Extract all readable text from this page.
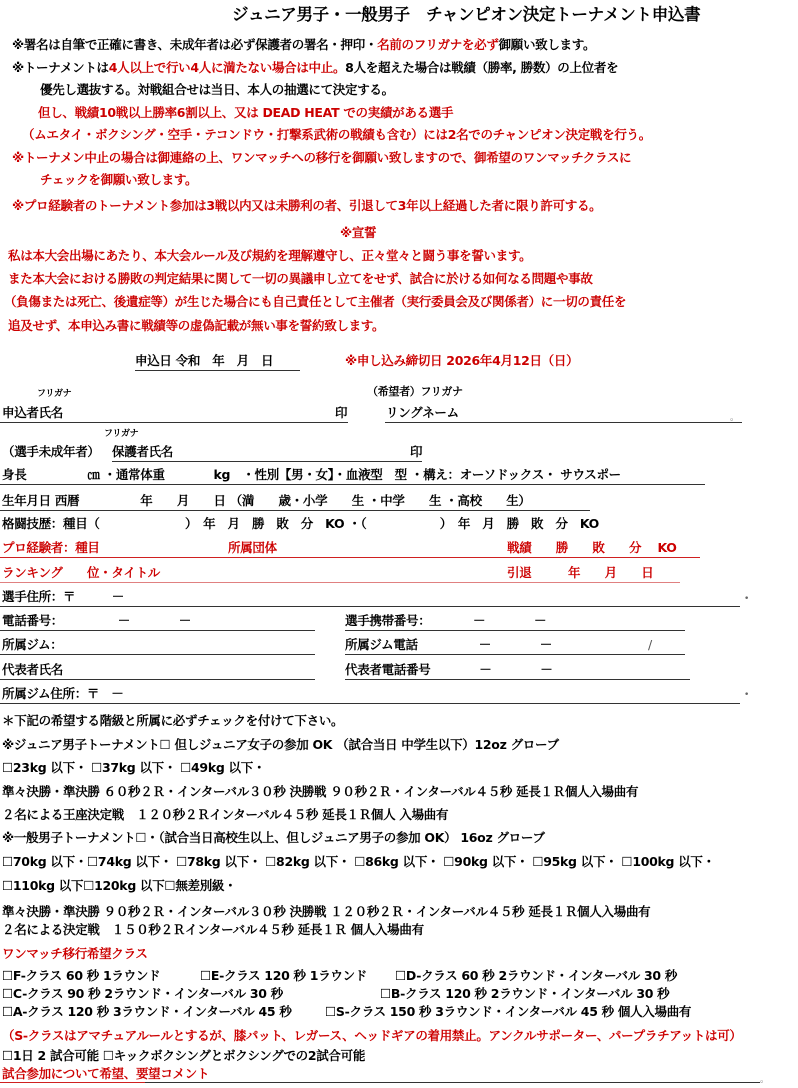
ジュニア男子・一般男子　チャンピオン決定トーナメント申込書
※署名は自筆で正確に書き、未成年者は必ず保護者の署名・押印・名前のフリガナを必ず御願い致します。
※トーナメントは4人以上で行い4人に満たない場合は中止。8人を超えた場合は戦績（勝率, 勝数）の上位者を
優先し選抜する。対戦組合せは当日、本人の抽選にて決定する。
但し、戦績10戦以上勝率6割以上、又は DEAD HEAT での実績がある選手
（ムエタイ・ボクシング・空手・テコンドウ・打撃系武術の戦績も含む）には2名でのチャンピオン決定戦を行う。
※トーナメン中止の場合は御連絡の上、ワンマッチへの移行を御願い致しますので、御希望のワンマッチクラスに
チェックを御願い致します。
※プロ経験者のトーナメント参加は3戦以内又は未勝利の者、引退して3年以上経過した者に限り許可する。
※宣誓
私は本大会出場にあたり、本大会ルール及び規約を理解遵守し、正々堂々と闘う事を誓います。
また本大会における勝敗の判定結果に関して一切の異議申し立てをせず、試合に於ける如何なる問題や事故
（負傷または死亡、後遺症等）が生じた場合にも自己責任として主催者（実行委員会及び関係者）に一切の責任を
追及せず、本申込み書に戦績等の虚偽記載が無い事を誓約致します。
申込日 令和　年　月　日	※申し込み締切日 2026年4月12日（日）
フリガナ	（希望者）フリガナ
申込者氏名	印	リングネーム	。
フリガナ
（選手未成年者） 保護者氏名	印
身長　　　　　㎝ ・通常体重　　　　kg　・性別【男・女】・血液型　型 ・構え：オーソドックス・ サウスポー
生年月日 西暦　　　　　年　　月　　日 （満　　歳・小学　　生 ・中学　　生 ・高校　　生）
格闘技歴：種目（　　　　　　　）　年　月　勝　敗　分　KO ・（　　　　　　）　年　月　勝　敗　分　KO
プロ経験者：種目	所属団体	戦績　　勝　　敗　　分　 KO
ランキング　　位・タイトル	引退　　　年　　月　　日
選手住所：〒　　　－	•
電話番号：　　　　　－　　　　－	選手携帯番号：　　　　－　　　　－
所属ジム：	所属ジム電話　　　　　－　　　　－	/
代表者氏名	代表者電話番号　　　　－　　　　－
所属ジム住所：〒　－	•
＊下記の希望する階級と所属に必ずチェックを付けて下さい。
※ジュニア男子トーナメント☐ 但しジュニア女子の参加 OK （試合当日 中学生以下）12oz グローブ
☐23kg 以下・ ☐37kg 以下・ ☐49kg 以下・
準々決勝・準決勝 ６０秒２Ｒ・インターバル３０秒 決勝戦 ９０秒２Ｒ・インターバル４５秒 延長１Ｒ個人入場曲有
２名による王座決定戦　１２０秒２Ｒインターバル４５秒 延長１Ｒ個人 入場曲有
※一般男子トーナメント☐・（試合当日高校生以上、但しジュニア男子の参加 OK） 16oz グローブ
☐70kg 以下・☐74kg 以下・ ☐78kg 以下・ ☐82kg 以下・ ☐86kg 以下・ ☐90kg 以下・ ☐95kg 以下・ ☐100kg 以下・
☐110kg 以下☐120kg 以下☐無差別級・
準々決勝・準決勝 ９０秒２Ｒ・インターバル３０秒 決勝戦 １２０秒２Ｒ・インターバル４５秒 延長１Ｒ個人入場曲有
２名による決定戦　１５０秒２Ｒインターバル４５秒 延長１Ｒ 個人入場曲有
ワンマッチ移行希望クラス
☐F-クラス 60 秒 1ラウンド	☐E-クラス 120 秒 1ラウンド ☐D-クラス 60 秒 2ラウンド・インターバル 30 秒
☐C-クラス 90 秒 2ラウンド・インターバル 30 秒	☐B-クラス 120 秒 2ラウンド・インターバル 30 秒
☐A-クラス 120 秒 3ラウンド・インターバル 45 秒	☐S-クラス 150 秒 3ラウンド・インターバル 45 秒 個人入場曲有
（S-クラスはアマチュアルールとするが、膝パット、レガース、ヘッドギアの着用禁止。アンクルサポーター、パープラチアットは可）
☐1日 2 試合可能 ☐キックボクシングとボクシングでの2試合可能
試合参加について希望、要望コメント	。
